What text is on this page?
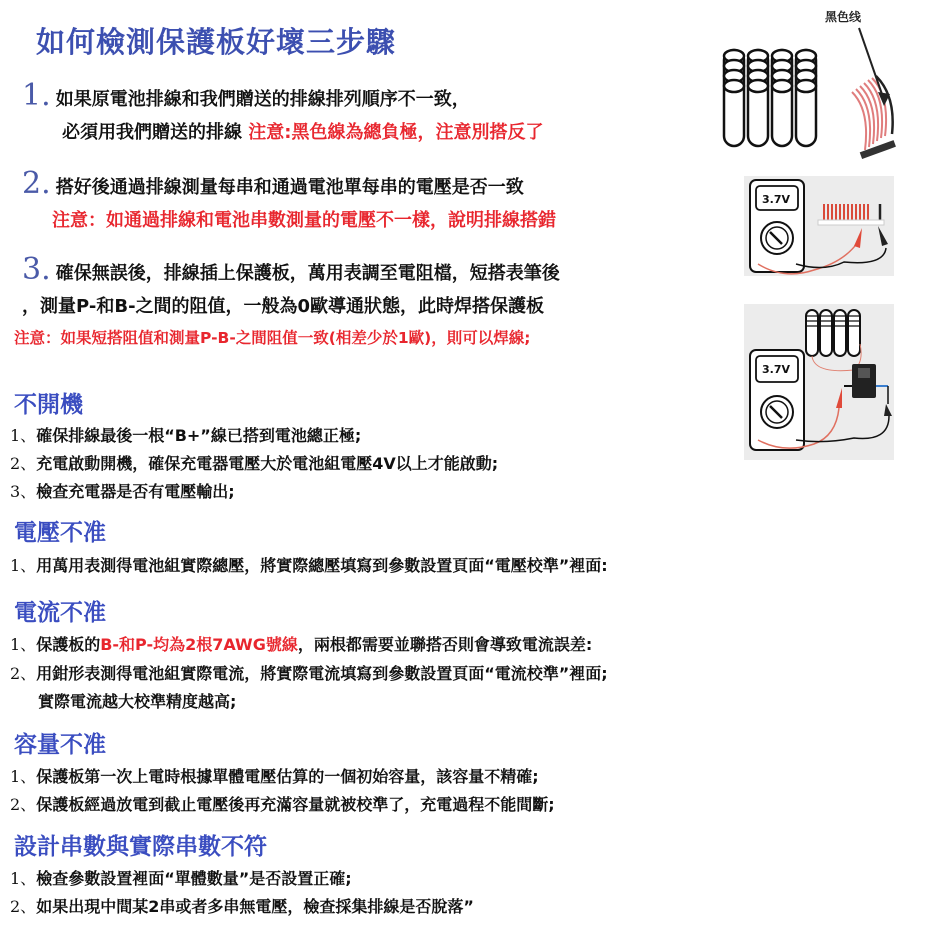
如何檢測保護板好壞三步驟
1. 如果原電池排線和我們贈送的排線排列順序不一致，
必須用我們贈送的排線 注意:黑色線為總負極，注意別搭反了
2. 搭好後通過排線測量每串和通過電池單每串的電壓是否一致
注意：如通過排線和電池串數測量的電壓不一樣，說明排線搭錯
3. 確保無誤後，排線插上保護板，萬用表調至電阻檔，短搭表筆後
，測量P-和B-之間的阻值，一般為0歐導通狀態，此時焊搭保護板
注意：如果短搭阻值和測量P-B-之間阻值一致(相差少於1歐)，則可以焊線;
黑色线
3.7V
3.7V
不開機
1、確保排線最後一根“B+”線已搭到電池總正極;
2、充電啟動開機，確保充電器電壓大於電池組電壓4V以上才能啟動;
3、檢查充電器是否有電壓輸出;
電壓不准
1、用萬用表測得電池組實際總壓，將實際總壓填寫到參數設置頁面“電壓校準”裡面:
電流不准
1、保護板的B-和P-均為2根7AWG號線，兩根都需要並聯搭否則會導致電流誤差:
2、用鉗形表測得電池組實際電流，將實際電流填寫到參數設置頁面“電流校準”裡面;
實際電流越大校準精度越高;
容量不准
1、保護板第一次上電時根據單體電壓估算的一個初始容量，該容量不精確;
2、保護板經過放電到截止電壓後再充滿容量就被校準了，充電過程不能間斷;
設計串數與實際串數不符
1、檢查參數設置裡面“單體數量”是否設置正確;
2、如果出現中間某2串或者多串無電壓，檢查採集排線是否脫落”
